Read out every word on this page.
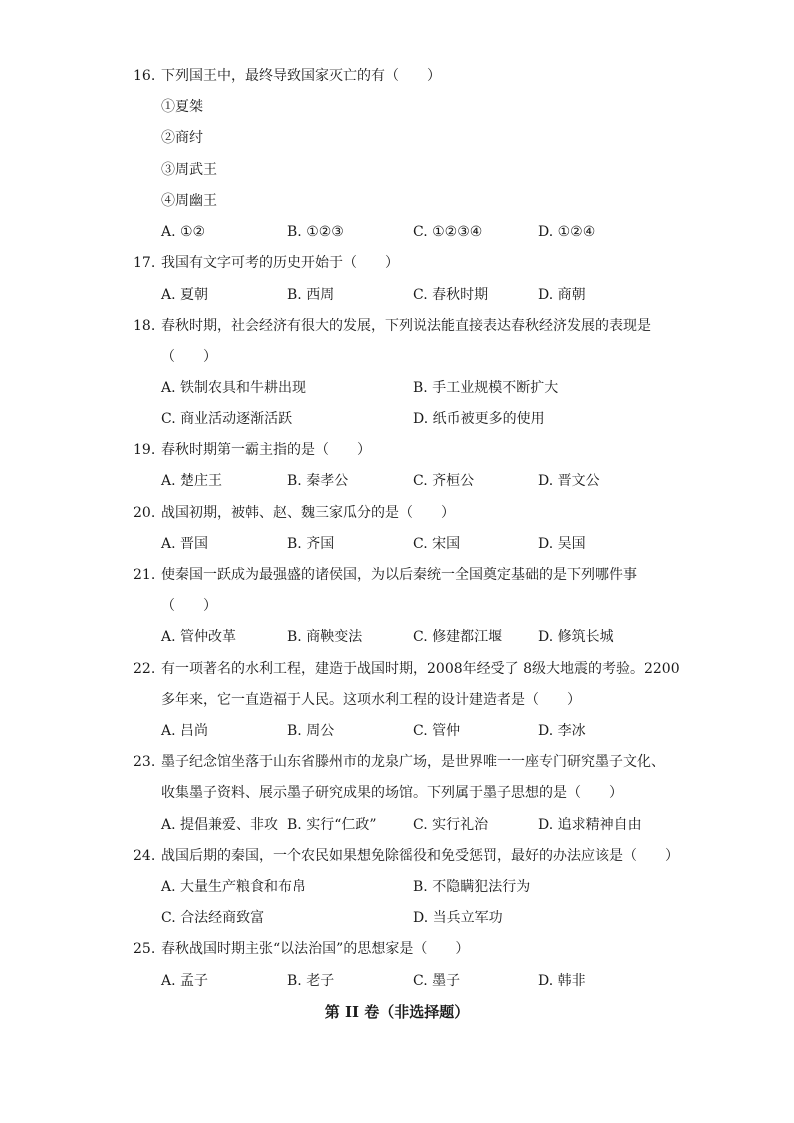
16. 下列国王中，最终导致国家灭亡的有（　　）
①夏桀
②商纣
③周武王
④周幽王
A. ①②	B. ①②③	C. ①②③④	D. ①②④
17. 我国有文字可考的历史开始于（　　）
A. 夏朝	B. 西周	C. 春秋时期	D. 商朝
18. 春秋时期，社会经济有很大的发展，下列说法能直接表达春秋经济发展的表现是
（　　）
A. 铁制农具和牛耕出现	B. 手工业规模不断扩大
C. 商业活动逐渐活跃	D. 纸币被更多的使用
19. 春秋时期第一霸主指的是（　　）
A. 楚庄王	B. 秦孝公	C. 齐桓公	D. 晋文公
20. 战国初期，被韩、赵、魏三家瓜分的是（　　）
A. 晋国	B. 齐国	C. 宋国	D. 吴国
21. 使秦国一跃成为最强盛的诸侯国，为以后秦统一全国奠定基础的是下列哪件事
（　　）
A. 管仲改革	B. 商鞅变法	C. 修建都江堰	D. 修筑长城
22. 有一项著名的水利工程，建造于战国时期，2008年经受了 8级大地震的考验。2200
多年来，它一直造福于人民。这项水利工程的设计建造者是（　　）
A. 吕尚	B. 周公	C. 管仲	D. 李冰
23. 墨子纪念馆坐落于山东省滕州市的龙泉广场，是世界唯一一座专门研究墨子文化、
收集墨子资料、展示墨子研究成果的场馆。下列属于墨子思想的是（　　）
A. 提倡兼爱、非攻 B. 实行“仁政”	C. 实行礼治	D. 追求精神自由
24. 战国后期的秦国，一个农民如果想免除徭役和免受惩罚，最好的办法应该是（　　）
A. 大量生产粮食和布帛	B. 不隐瞒犯法行为
C. 合法经商致富	D. 当兵立军功
25. 春秋战国时期主张“以法治国”的思想家是（　　）
A. 孟子	B. 老子	C. 墨子	D. 韩非
第 II 卷（非选择题）
